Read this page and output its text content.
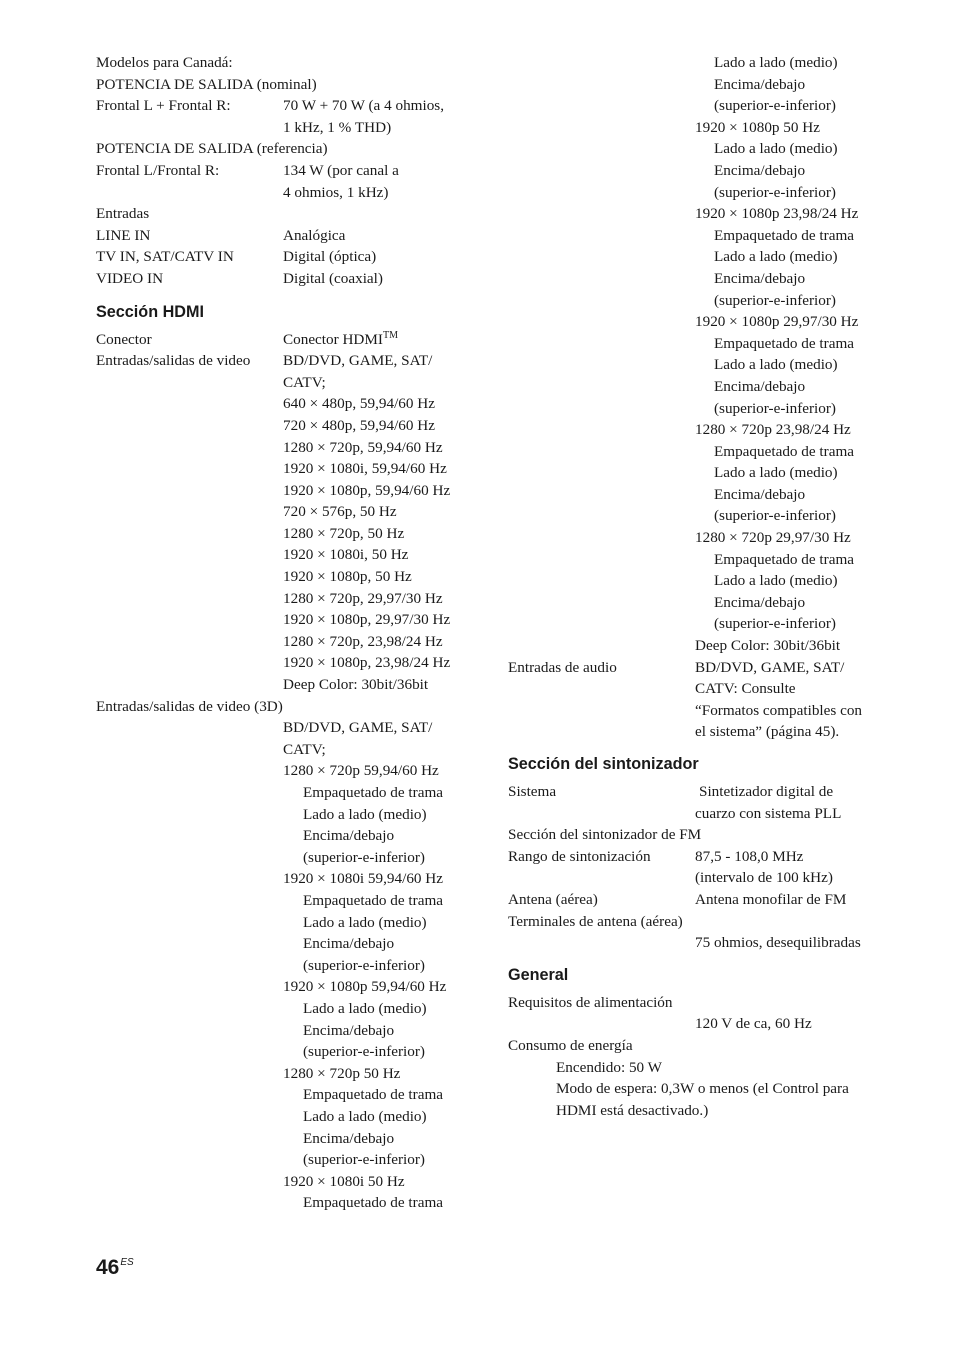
Modelos para Canadá:
POTENCIA DE SALIDA (nominal)
Frontal L + Frontal R:	70 W + 70 W (a 4 ohmios,
1 kHz, 1 % THD)
POTENCIA DE SALIDA (referencia)
Frontal L/Frontal R:	134 W (por canal a
4 ohmios, 1 kHz)
Entradas
LINE IN	Analógica
TV IN, SAT/CATV IN	Digital (óptica)
VIDEO IN	Digital (coaxial)
Sección HDMI
Conector	Conector HDMI™
Entradas/salidas de video	BD/DVD, GAME, SAT/
CATV;
640 × 480p, 59,94/60 Hz
720 × 480p, 59,94/60 Hz
1280 × 720p, 59,94/60 Hz
1920 × 1080i, 59,94/60 Hz
1920 × 1080p, 59,94/60 Hz
720 × 576p, 50 Hz
1280 × 720p, 50 Hz
1920 × 1080i, 50 Hz
1920 × 1080p, 50 Hz
1280 × 720p, 29,97/30 Hz
1920 × 1080p, 29,97/30 Hz
1280 × 720p, 23,98/24 Hz
1920 × 1080p, 23,98/24 Hz
Deep Color: 30bit/36bit
Entradas/salidas de video (3D)
BD/DVD, GAME, SAT/
CATV;
1280 × 720p 59,94/60 Hz
Empaquetado de trama
Lado a lado (medio)
Encima/debajo
(superior-e-inferior)
1920 × 1080i 59,94/60 Hz
Empaquetado de trama
Lado a lado (medio)
Encima/debajo
(superior-e-inferior)
1920 × 1080p 59,94/60 Hz
Lado a lado (medio)
Encima/debajo
(superior-e-inferior)
1280 × 720p 50 Hz
Empaquetado de trama
Lado a lado (medio)
Encima/debajo
(superior-e-inferior)
1920 × 1080i 50 Hz
Empaquetado de trama
Lado a lado (medio)
Encima/debajo
(superior-e-inferior)
1920 × 1080p 50 Hz
Lado a lado (medio)
Encima/debajo
(superior-e-inferior)
1920 × 1080p 23,98/24 Hz
Empaquetado de trama
Lado a lado (medio)
Encima/debajo
(superior-e-inferior)
1920 × 1080p 29,97/30 Hz
Empaquetado de trama
Lado a lado (medio)
Encima/debajo
(superior-e-inferior)
1280 × 720p 23,98/24 Hz
Empaquetado de trama
Lado a lado (medio)
Encima/debajo
(superior-e-inferior)
1280 × 720p 29,97/30 Hz
Empaquetado de trama
Lado a lado (medio)
Encima/debajo
(superior-e-inferior)
Deep Color: 30bit/36bit
Entradas de audio	BD/DVD, GAME, SAT/
CATV: Consulte
“Formatos compatibles con
el sistema” (página 45).
Sección del sintonizador
Sistema	Sintetizador digital de
cuarzo con sistema PLL
Sección del sintonizador de FM
Rango de sintonización	87,5 - 108,0 MHz
(intervalo de 100 kHz)
Antena (aérea)	Antena monofilar de FM
Terminales de antena (aérea)
75 ohmios, desequilibradas
General
Requisitos de alimentación
120 V de ca, 60 Hz
Consumo de energía
Encendido: 50 W
Modo de espera: 0,3W o menos (el Control para
HDMI está desactivado.)
$46^{ES}$
